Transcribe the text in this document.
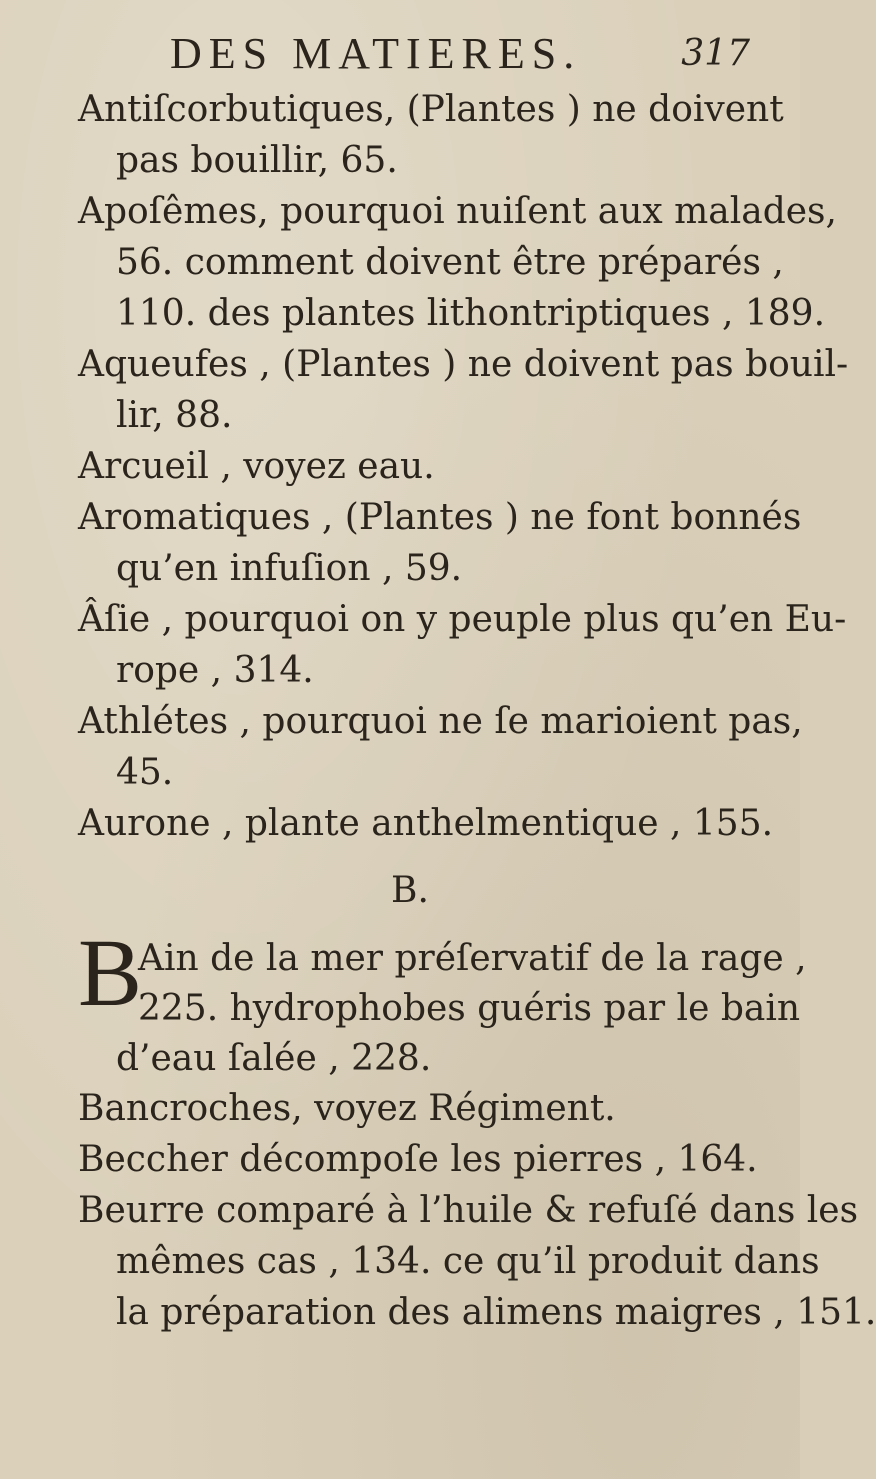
DES MATIERES.	317
Antiſcorbutiques, (Plantes ) ne doivent
pas bouillir, 65.
Apoſêmes, pourquoi nuiſent aux malades,
56. comment doivent être préparés ,
110. des plantes lithontriptiques , 189.
Aqueufes , (Plantes ) ne doivent pas bouil-
lir, 88.
Arcueil , voyez eau.
Aromatiques , (Plantes ) ne font bonnés
qu’en infuſion , 59.
Âſie , pourquoi on y peuple plus qu’en Eu-
rope , 314.
Athlétes , pourquoi ne ſe marioient pas,
45.
Aurone , plante anthelmentique , 155.
B.
B
Ain de la mer préſervatif de la rage ,
225. hydrophobes guéris par le bain
d’eau ſalée , 228.
Bancroches, voyez Régiment.
Beccher décompoſe les pierres , 164.
Beurre comparé à l’huile & refuſé dans les
mêmes cas , 134. ce qu’il produit dans
la préparation des alimens maigres , 151.
